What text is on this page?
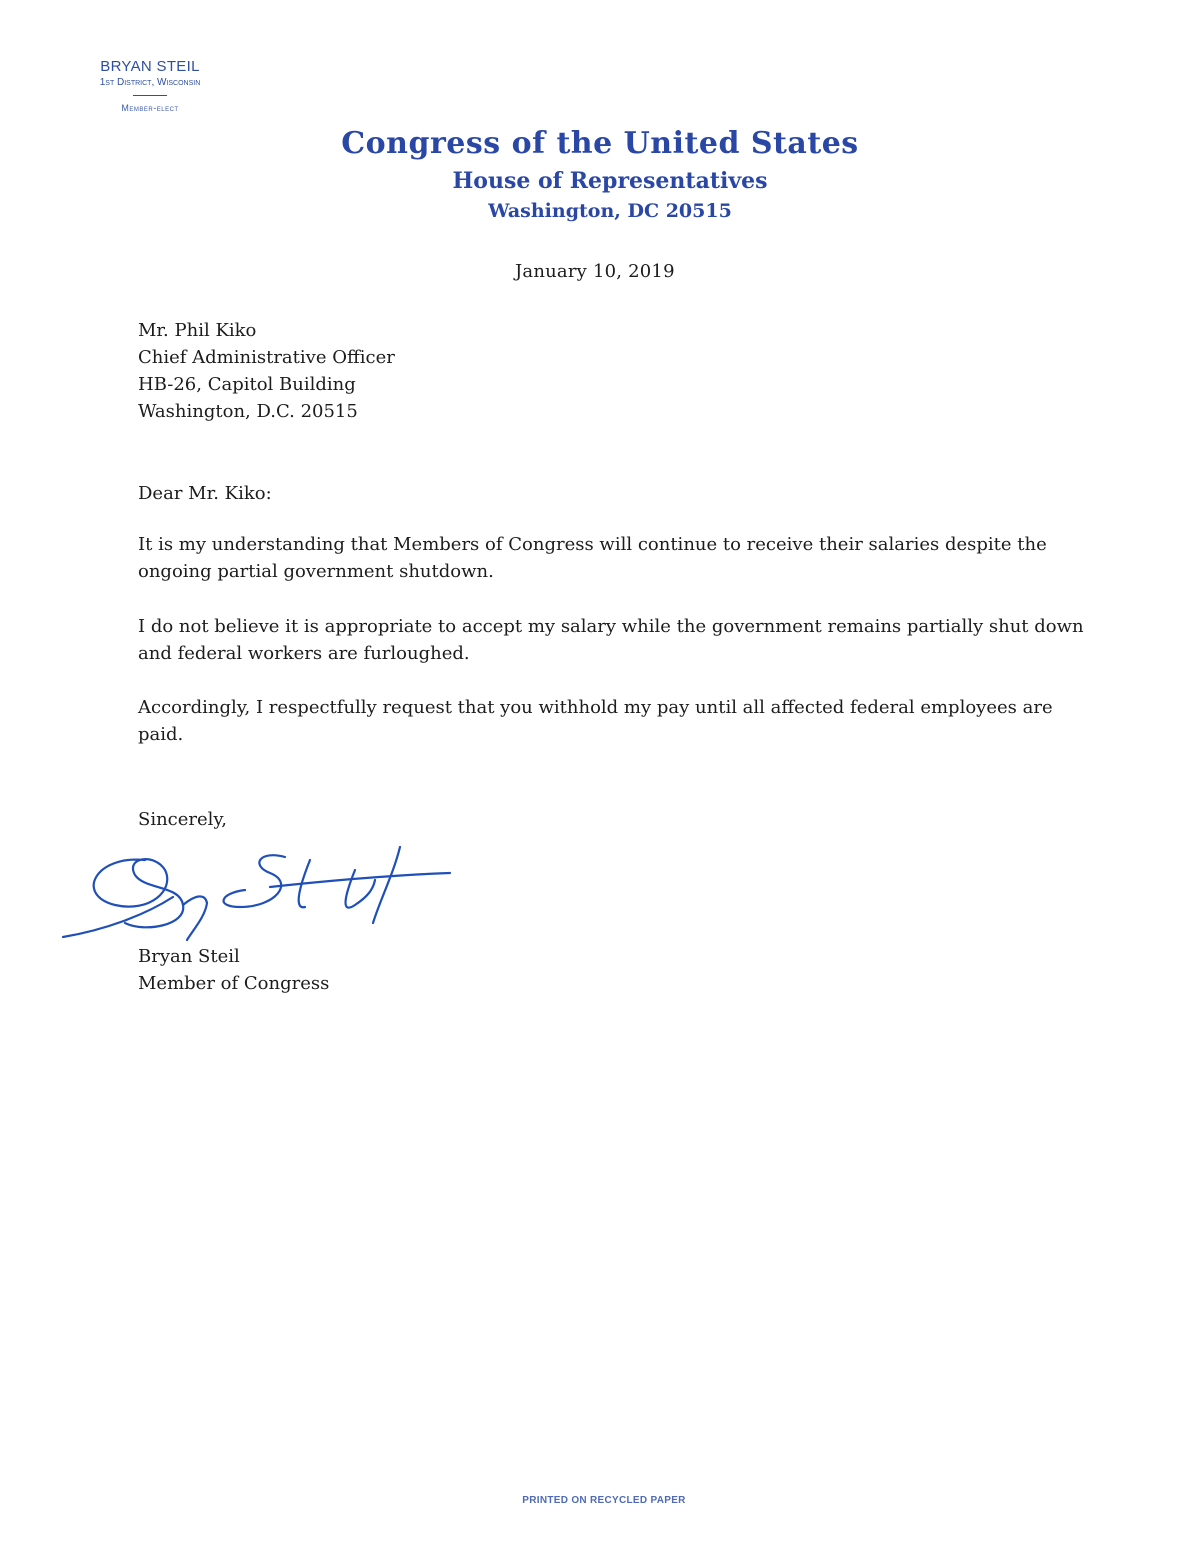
BRYAN STEIL
1st District, Wisconsin
Member-elect
Congress of the United States
House of Representatives
Washington, DC 20515
January 10, 2019
Mr. Phil Kiko
Chief Administrative Officer
HB-26, Capitol Building
Washington, D.C. 20515
Dear Mr. Kiko:
It is my understanding that Members of Congress will continue to receive their salaries despite the ongoing partial government shutdown.
I do not believe it is appropriate to accept my salary while the government remains partially shut down and federal workers are furloughed.
Accordingly, I respectfully request that you withhold my pay until all affected federal employees are paid.
Sincerely,
Bryan Steil
Member of Congress
PRINTED ON RECYCLED PAPER
